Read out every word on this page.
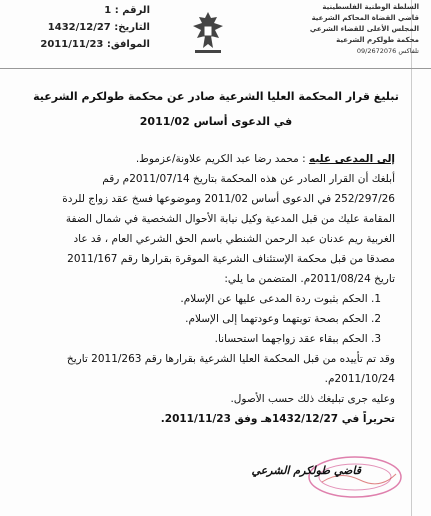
السلطة الوطنية الفلسطينية
قاضي القضاة المحاكم الشرعية
المجلس الأعلى للقضاء الشرعي
محكمة طولكرم الشرعية
تلفاكس 09/2672076
الرقم : 1
التاريخ: 1432/12/27
الموافق: 2011/11/23
تبليغ قرار المحكمة العليا الشرعية صادر عن محكمة طولكرم الشرعية
في الدعوى أساس 2011/02
إلى المدعى عليه : محمد رضا عبد الكريم علاونة/عزموط.
أبلغك أن القرار الصادر عن هذه المحكمة بتاريخ 2011/07/14م رقم
252/297/26 في الدعوى أساس 2011/02 وموضوعها فسخ عقد زواج للردة
المقامة عليك من قبل المدعية وكيل نيابة الأحوال الشخصية في شمال الضفة
الغربية ريم عدنان عبد الرحمن الشنطي باسم الحق الشرعي العام ، قد عاد
مصدقا من قبل محكمة الإستئناف الشرعية الموقرة بقرارها رقم 2011/167
تاريخ 2011/08/24م. المتضمن ما يلي:
1. الحكم بثبوت ردة المدعى عليها عن الإسلام.
2. الحكم بصحة توبتهما وعودتهما إلى الإسلام.
3. الحكم ببقاء عقد زواجهما استحسانا.
وقد تم تأييده من قبل المحكمة العليا الشرعية بقرارها رقم 2011/263 تاريخ
2011/10/24م.
وعليه جرى تبليغك ذلك حسب الأصول.
تحريراً في 1432/12/27هـ وفق 2011/11/23.
قاضي طولكرم الشرعي
